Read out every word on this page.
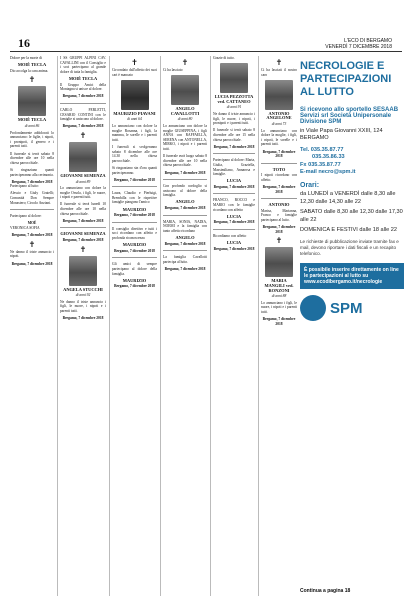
16	L'ECO DI BERGAMO
VENERDÌ 7 DICEMBRE 2018

Dolore per la morte di

MOIÈ TECLA

Dio accolga la cara anima.

✝
MOIÈ TECLA
di anni 86

Profondamente addolorati lo annunciano: le figlie, i nipoti, i pronipoti, il genero e i parenti tutti.

Il funerale si terrà sabato 8 dicembre alle ore 10 nella chiesa parrocchiale.

Si ringraziano quanti parteciperanno alla cerimonia.

Bergamo, 7 dicembre 2018

Partecipano al lutto:

Alessio e Giuly Gratelli; Comunità Don Sempre Monastero; Circolo Anziani.

Partecipano al dolore:

MOÈ

VERONICA SOFIA

Bergamo, 7 dicembre 2018
✝

Ne danno il triste annuncio i nipoti.

Bergamo, 7 dicembre 2018

I SS GRUPPI ALPINI CAV. CAVALLINI con il Consiglio e i soci partecipano al grande dolore di tutta la famiglia.

MOIÈ TECLA

Il Gruppo Amici della Montagna si unisce al dolore.

Bergamo, 7 dicembre 2018

CARLO FERLETTI, CESARIO CONTINI con le famiglie si uniscono al dolore.

Bergamo, 7 dicembre 2018
✝
GIOVANNI SEMENZA
di anni 89

Lo annunciano con dolore la moglie Orsola, i figli, le nuore, i nipoti e parenti tutti.

Il funerale si terrà lunedì 10 dicembre alle ore 10 nella chiesa parrocchiale.

Bergamo, 7 dicembre 2018
GIOVANNI SEMENZA
Bergamo, 7 dicembre 2018
✝
ANGELA STUCCHI
di anni 92

Ne danno il triste annuncio i figli, le nuore, i nipoti e i parenti tutti.

Bergamo, 7 dicembre 2018
✝

Circondato dall'affetto dei suoi cari è mancato

MAURIZIO PIAVANI
di anni 64

Lo annunciano con dolore la moglie Rosanna, i figli, la mamma, le sorelle e i parenti tutti.

I funerali si svolgeranno sabato 8 dicembre alle ore 14.30 nella chiesa parrocchiale.

Si ringraziano sin d'ora quanti parteciperanno.

Bergamo, 7 dicembre 2018

Laura, Claudio e Pierluigi, Brembilla con le rispettive famiglie piangono l'amico

MAURIZIO
Bergamo, 7 dicembre 2018

Il consiglio direttivo e tutti i soci ricordano con affetto e profonda riconoscenza

MAURIZIO
Bergamo, 7 dicembre 2018

Gli amici di sempre partecipano al dolore della famiglia.

MAURIZIO
Bergamo, 7 dicembre 2018
✝

Ci ha lasciato

ANGELO CAVALLOTTI
di anni 80

Lo annunciano con dolore la moglie GIUSEPPINA, i figli ANNA con RAFFAELLA, SERENA con ANTONELLA, MIRKO, i nipoti e i parenti tutti.

Il funerale avrà luogo sabato 8 dicembre alle ore 10 nella chiesa parrocchiale.

Bergamo, 7 dicembre 2018

Con profondo cordoglio si uniscono al dolore della famiglia.

ANGELO
Bergamo, 7 dicembre 2018

MARIA, SONIA, NADIA, NOEMI e la famiglia con tanto affetto ricordano

ANGELO
Bergamo, 7 dicembre 2018

La famiglia Cavallotti partecipa al lutto.

Bergamo, 7 dicembre 2018

Grazie di tutto.

LUCIA PEZZOTTA ved. CATTANEO
di anni 91

Ne danno il triste annuncio i figli, le nuore, i nipoti, i pronipoti e i parenti tutti.

Il funerale si terrà sabato 8 dicembre alle ore 15 nella chiesa parrocchiale.

Bergamo, 7 dicembre 2018

Partecipano al dolore: Marta, Giulia, Graziella, Massimiliano, Annarosa e famiglie.

LUCIA
Bergamo, 7 dicembre 2018

FRANCO, ROCCO e MARIO con le famiglie ricordano con affetto

LUCIA
Bergamo, 7 dicembre 2018

Ricordiamo con affetto

LUCIA
Bergamo, 7 dicembre 2018
✝

Ci ha lasciati il nostro caro

ANTONIO ANGELONE
di anni 73

Lo annunciano con dolore la moglie, i figli, i nipoti, le sorelle e i parenti tutti.

Bergamo, 7 dicembre 2018
TOTO

I nipoti ricordano con affetto.

Bergamo, 7 dicembre 2018
ANTONIO

Marisa, Marianna, Franco e famiglie partecipano al lutto.

Bergamo, 7 dicembre 2018
✝
MARIA MANGILI ved. RONZONI
di anni 88

Lo annunciano i figli, le nuore, i nipoti e i parenti tutti.

Bergamo, 7 dicembre 2018
NECROLOGIE E PARTECIPAZIONI AL LUTTO
Si ricevono allo sportello SESAAB Servizi srl Società Unipersonale Divisione SPM
in Viale Papa Giovanni XXIII, 124 BERGAMO
Tel. 035.35.87.77
035.35.86.33
Fx 035.35.87.77
E-mail necro@spm.it
Orari:
da LUNEDÌ a VENERDÌ dalle 8,30 alle 12,30 dalle 14,30 alle 22
SABATO dalle 8,30 alle 12,30 dalle 17,30 alle 22
DOMENICA E FESTIVI dalle 18 alle 22
Le richieste di pubblicazione inviate tramite fax e mail, devono riportare i dati fiscali e un recapito telefonico.
È possibile inserire direttamente on line le partecipazioni al lutto su www.ecodibergamo.it/necrologie
SPM
Continua a pagina 18
